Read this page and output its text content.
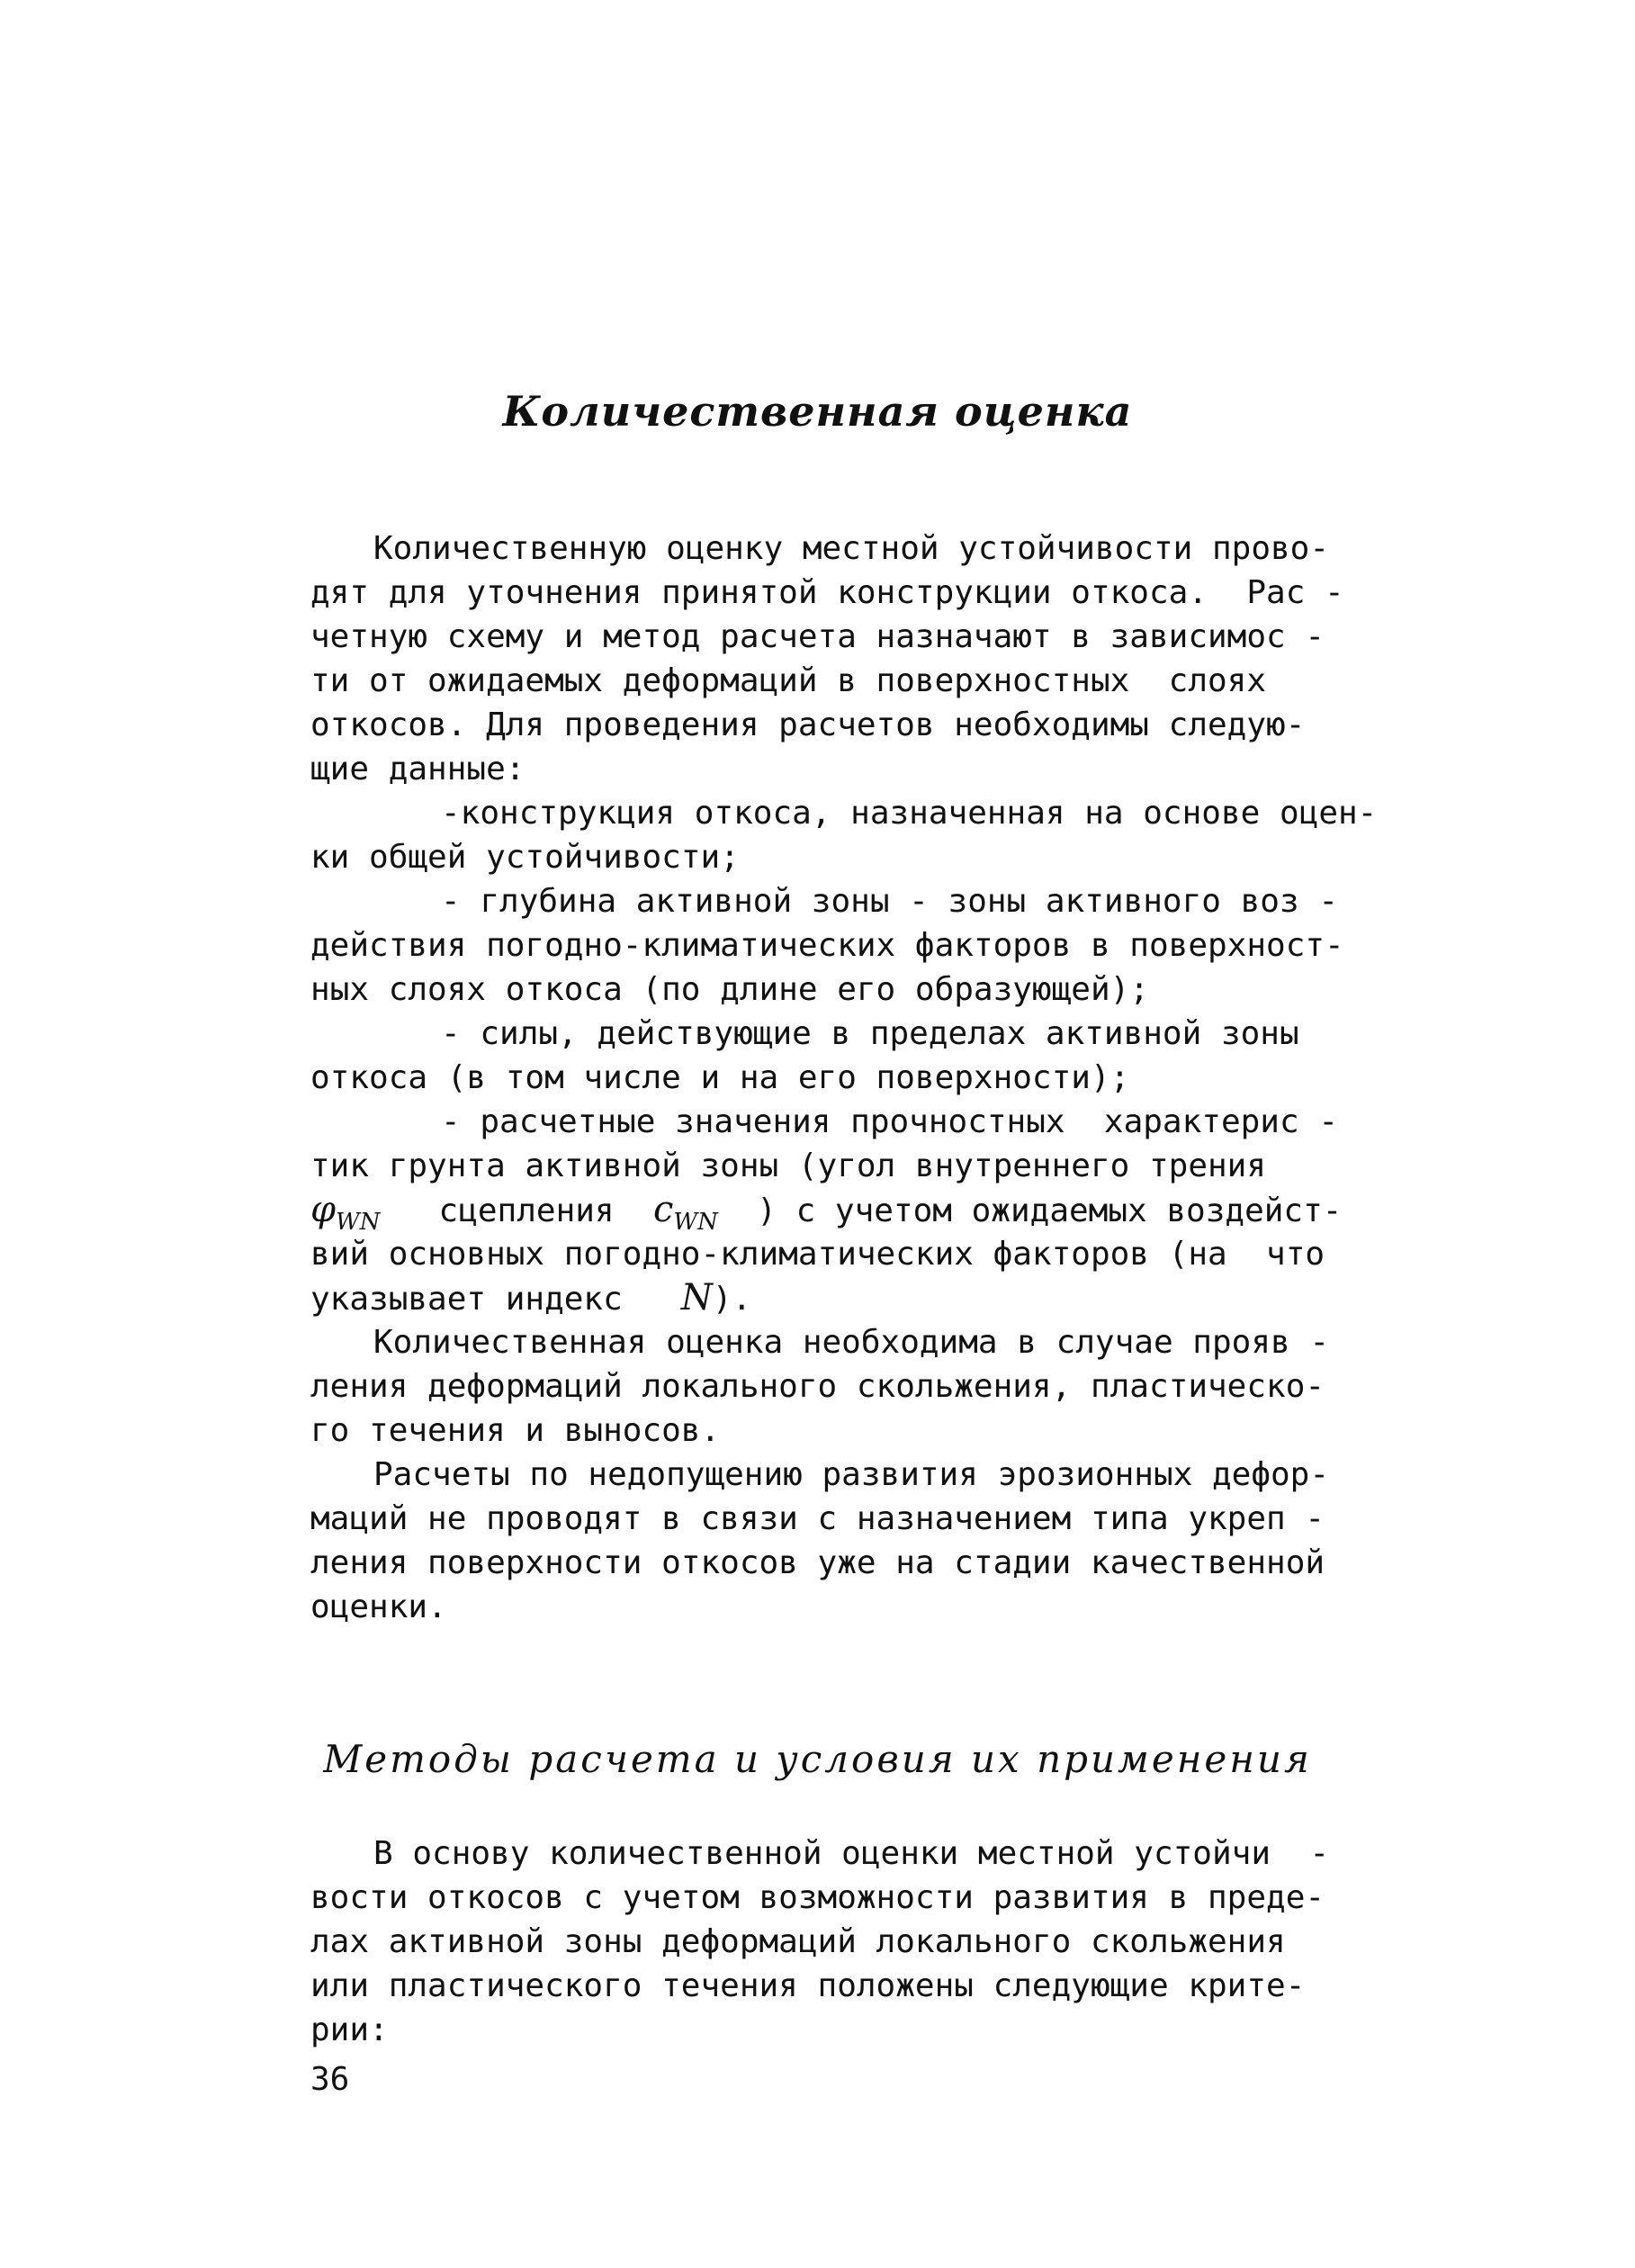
Количественная оценка
Количественную оценку местной устойчивости прово-
дят для уточнения принятой конструкции откоса.  Рас -
четную схему и метод расчета назначают в зависимос -
ти от ожидаемых деформаций в поверхностных  слоях
откосов. Для проведения расчетов необходимы следую-
щие данные:
-конструкция откоса, назначенная на основе оцен-
ки общей устойчивости;
- глубина активной зоны - зоны активного воз -
действия погодно-климатических факторов в поверхност-
ных слоях откоса (по длине его образующей);
- силы, действующие в пределах активной зоны
откоса (в том числе и на его поверхности);
- расчетные значения прочностных  характерис -
тик грунта активной зоны (угол внутреннего трения
$\varphi_{WN}$ сцепления $c_{WN}$ ) с учетом ожидаемых воздейст-
вий основных погодно-климатических факторов (на  что
указывает индекс N).
Количественная оценка необходима в случае прояв -
ления деформаций локального скольжения, пластическо-
го течения и выносов.
Расчеты по недопущению развития эрозионных дефор-
маций не проводят в связи с назначением типа укреп -
ления поверхности откосов уже на стадии качественной
оценки.
Методы расчета и условия их применения
В основу количественной оценки местной устойчи  -
вости откосов с учетом возможности развития в преде-
лах активной зоны деформаций локального скольжения
или пластического течения положены следующие крите-
рии:

36
